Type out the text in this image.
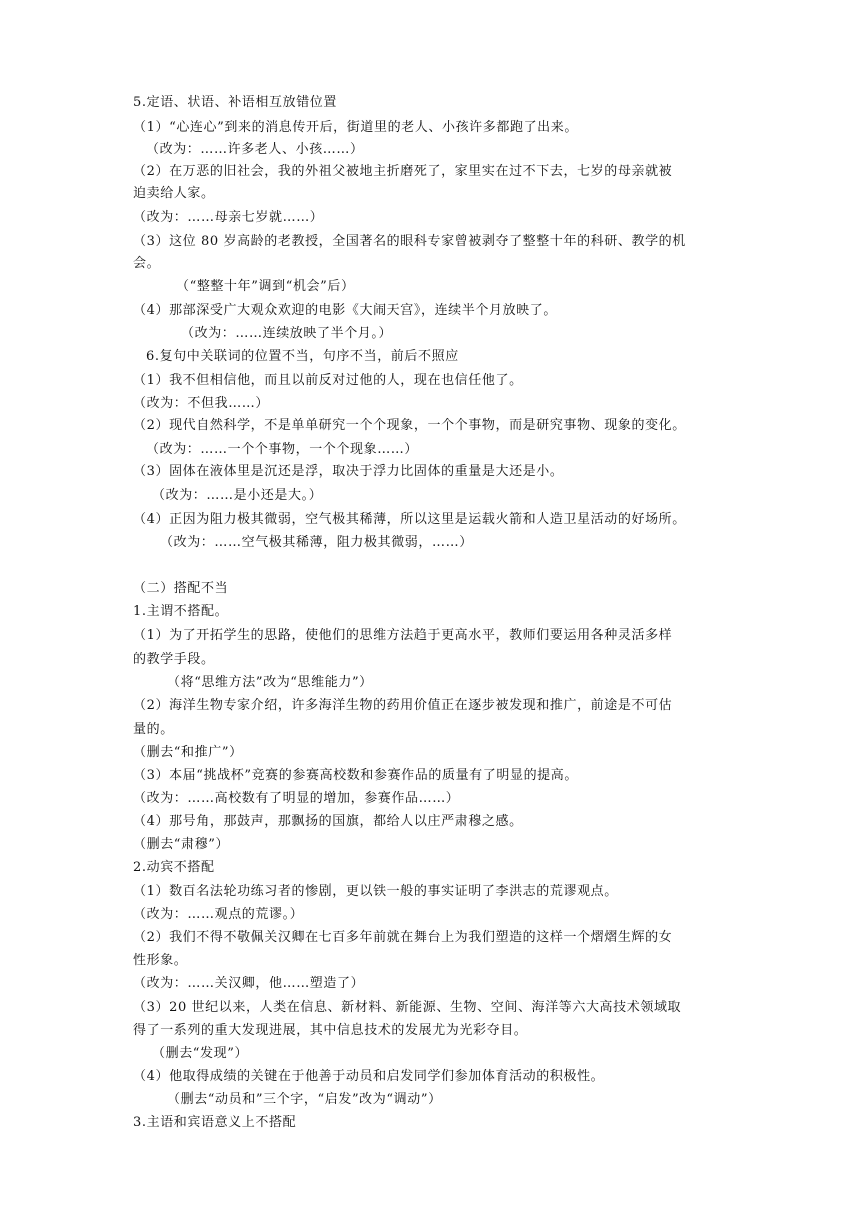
5.定语、状语、补语相互放错位置
（1）“心连心”到来的消息传开后，街道里的老人、小孩许多都跑了出来。
（改为：……许多老人、小孩……）
（2）在万恶的旧社会，我的外祖父被地主折磨死了，家里实在过不下去，七岁的母亲就被
迫卖给人家。
（改为：……母亲七岁就……）
（3）这位 80 岁高龄的老教授，全国著名的眼科专家曾被剥夺了整整十年的科研、教学的机
会。
（“整整十年”调到“机会”后）
（4）那部深受广大观众欢迎的电影《大闹天宫》，连续半个月放映了。
（改为：……连续放映了半个月。）
6.复句中关联词的位置不当，句序不当，前后不照应
（1）我不但相信他，而且以前反对过他的人，现在也信任他了。
（改为：不但我……）
（2）现代自然科学，不是单单研究一个个现象，一个个事物，而是研究事物、现象的变化。
（改为：……一个个事物，一个个现象……）
（3）固体在液体里是沉还是浮，取决于浮力比固体的重量是大还是小。
（改为：……是小还是大。）
（4）正因为阻力极其微弱，空气极其稀薄，所以这里是运载火箭和人造卫星活动的好场所。
（改为：……空气极其稀薄，阻力极其微弱，……）
（二）搭配不当
1.主谓不搭配。
（1）为了开拓学生的思路，使他们的思维方法趋于更高水平，教师们要运用各种灵活多样
的教学手段。
（将“思维方法”改为“思维能力”）
（2）海洋生物专家介绍，许多海洋生物的药用价值正在逐步被发现和推广，前途是不可估
量的。
（删去“和推广”）
（3）本届“挑战杯”竞赛的参赛高校数和参赛作品的质量有了明显的提高。
（改为：……高校数有了明显的增加，参赛作品……）
（4）那号角，那鼓声，那飘扬的国旗，都给人以庄严肃穆之感。
（删去“肃穆”）
2.动宾不搭配
（1）数百名法轮功练习者的惨剧，更以铁一般的事实证明了李洪志的荒谬观点。
（改为：……观点的荒谬。）
（2）我们不得不敬佩关汉卿在七百多年前就在舞台上为我们塑造的这样一个熠熠生辉的女
性形象。
（改为：……关汉卿，他……塑造了）
（3）20 世纪以来，人类在信息、新材料、新能源、生物、空间、海洋等六大高技术领域取
得了一系列的重大发现进展，其中信息技术的发展尤为光彩夺目。
（删去“发现”）
（4）他取得成绩的关键在于他善于动员和启发同学们参加体育活动的积极性。
（删去“动员和”三个字，“启发”改为“调动”）
3.主语和宾语意义上不搭配
